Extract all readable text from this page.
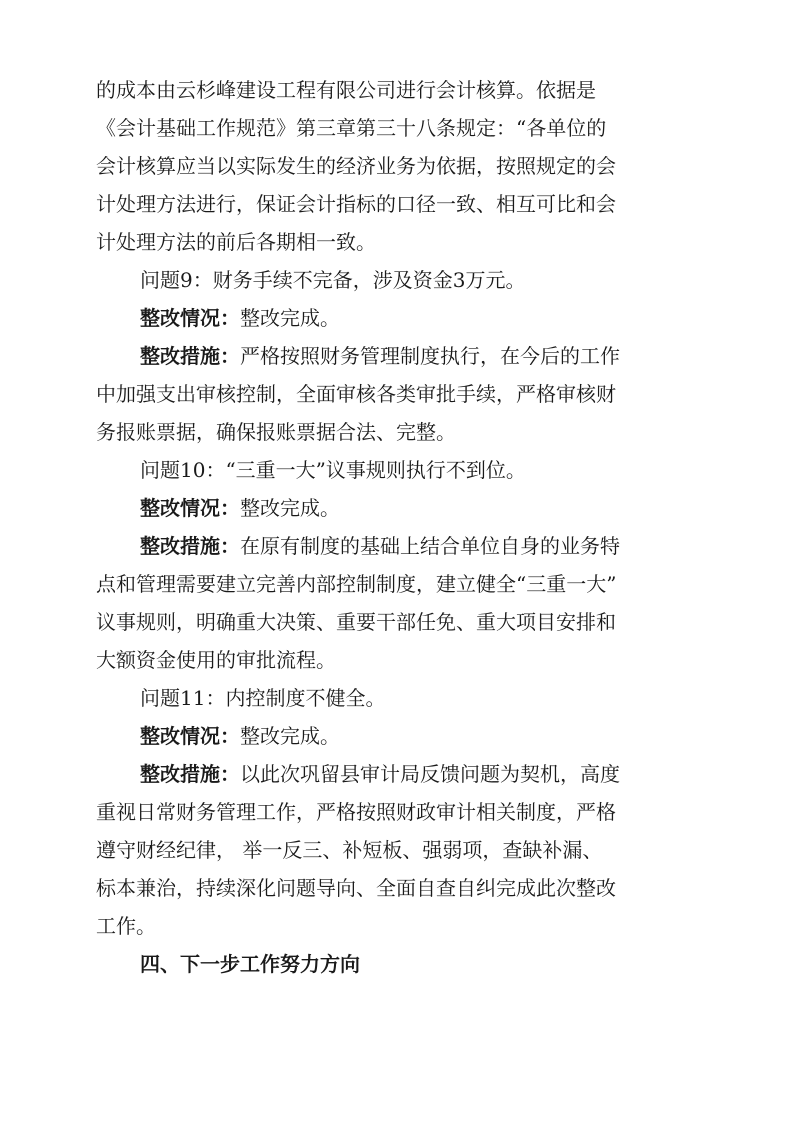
的成本由云杉峰建设工程有限公司进行会计核算。依据是
《会计基础工作规范》第三章第三十八条规定：“各单位的
会计核算应当以实际发生的经济业务为依据，按照规定的会
计处理方法进行，保证会计指标的口径一致、相互可比和会
计处理方法的前后各期相一致。
问题9：财务手续不完备，涉及资金3万元。
整改情况：整改完成。
整改措施：严格按照财务管理制度执行，在今后的工作
中加强支出审核控制，全面审核各类审批手续，严格审核财
务报账票据，确保报账票据合法、完整。
问题10：“三重一大”议事规则执行不到位。
整改情况：整改完成。
整改措施：在原有制度的基础上结合单位自身的业务特
点和管理需要建立完善内部控制制度，建立健全“三重一大”
议事规则，明确重大决策、重要干部任免、重大项目安排和
大额资金使用的审批流程。
问题11：内控制度不健全。
整改情况：整改完成。
整改措施：以此次巩留县审计局反馈问题为契机，高度
重视日常财务管理工作，严格按照财政审计相关制度，严格
遵守财经纪律， 举一反三、补短板、强弱项，查缺补漏、
标本兼治，持续深化问题导向、全面自查自纠完成此次整改
工作。
四、下一步工作努力方向
